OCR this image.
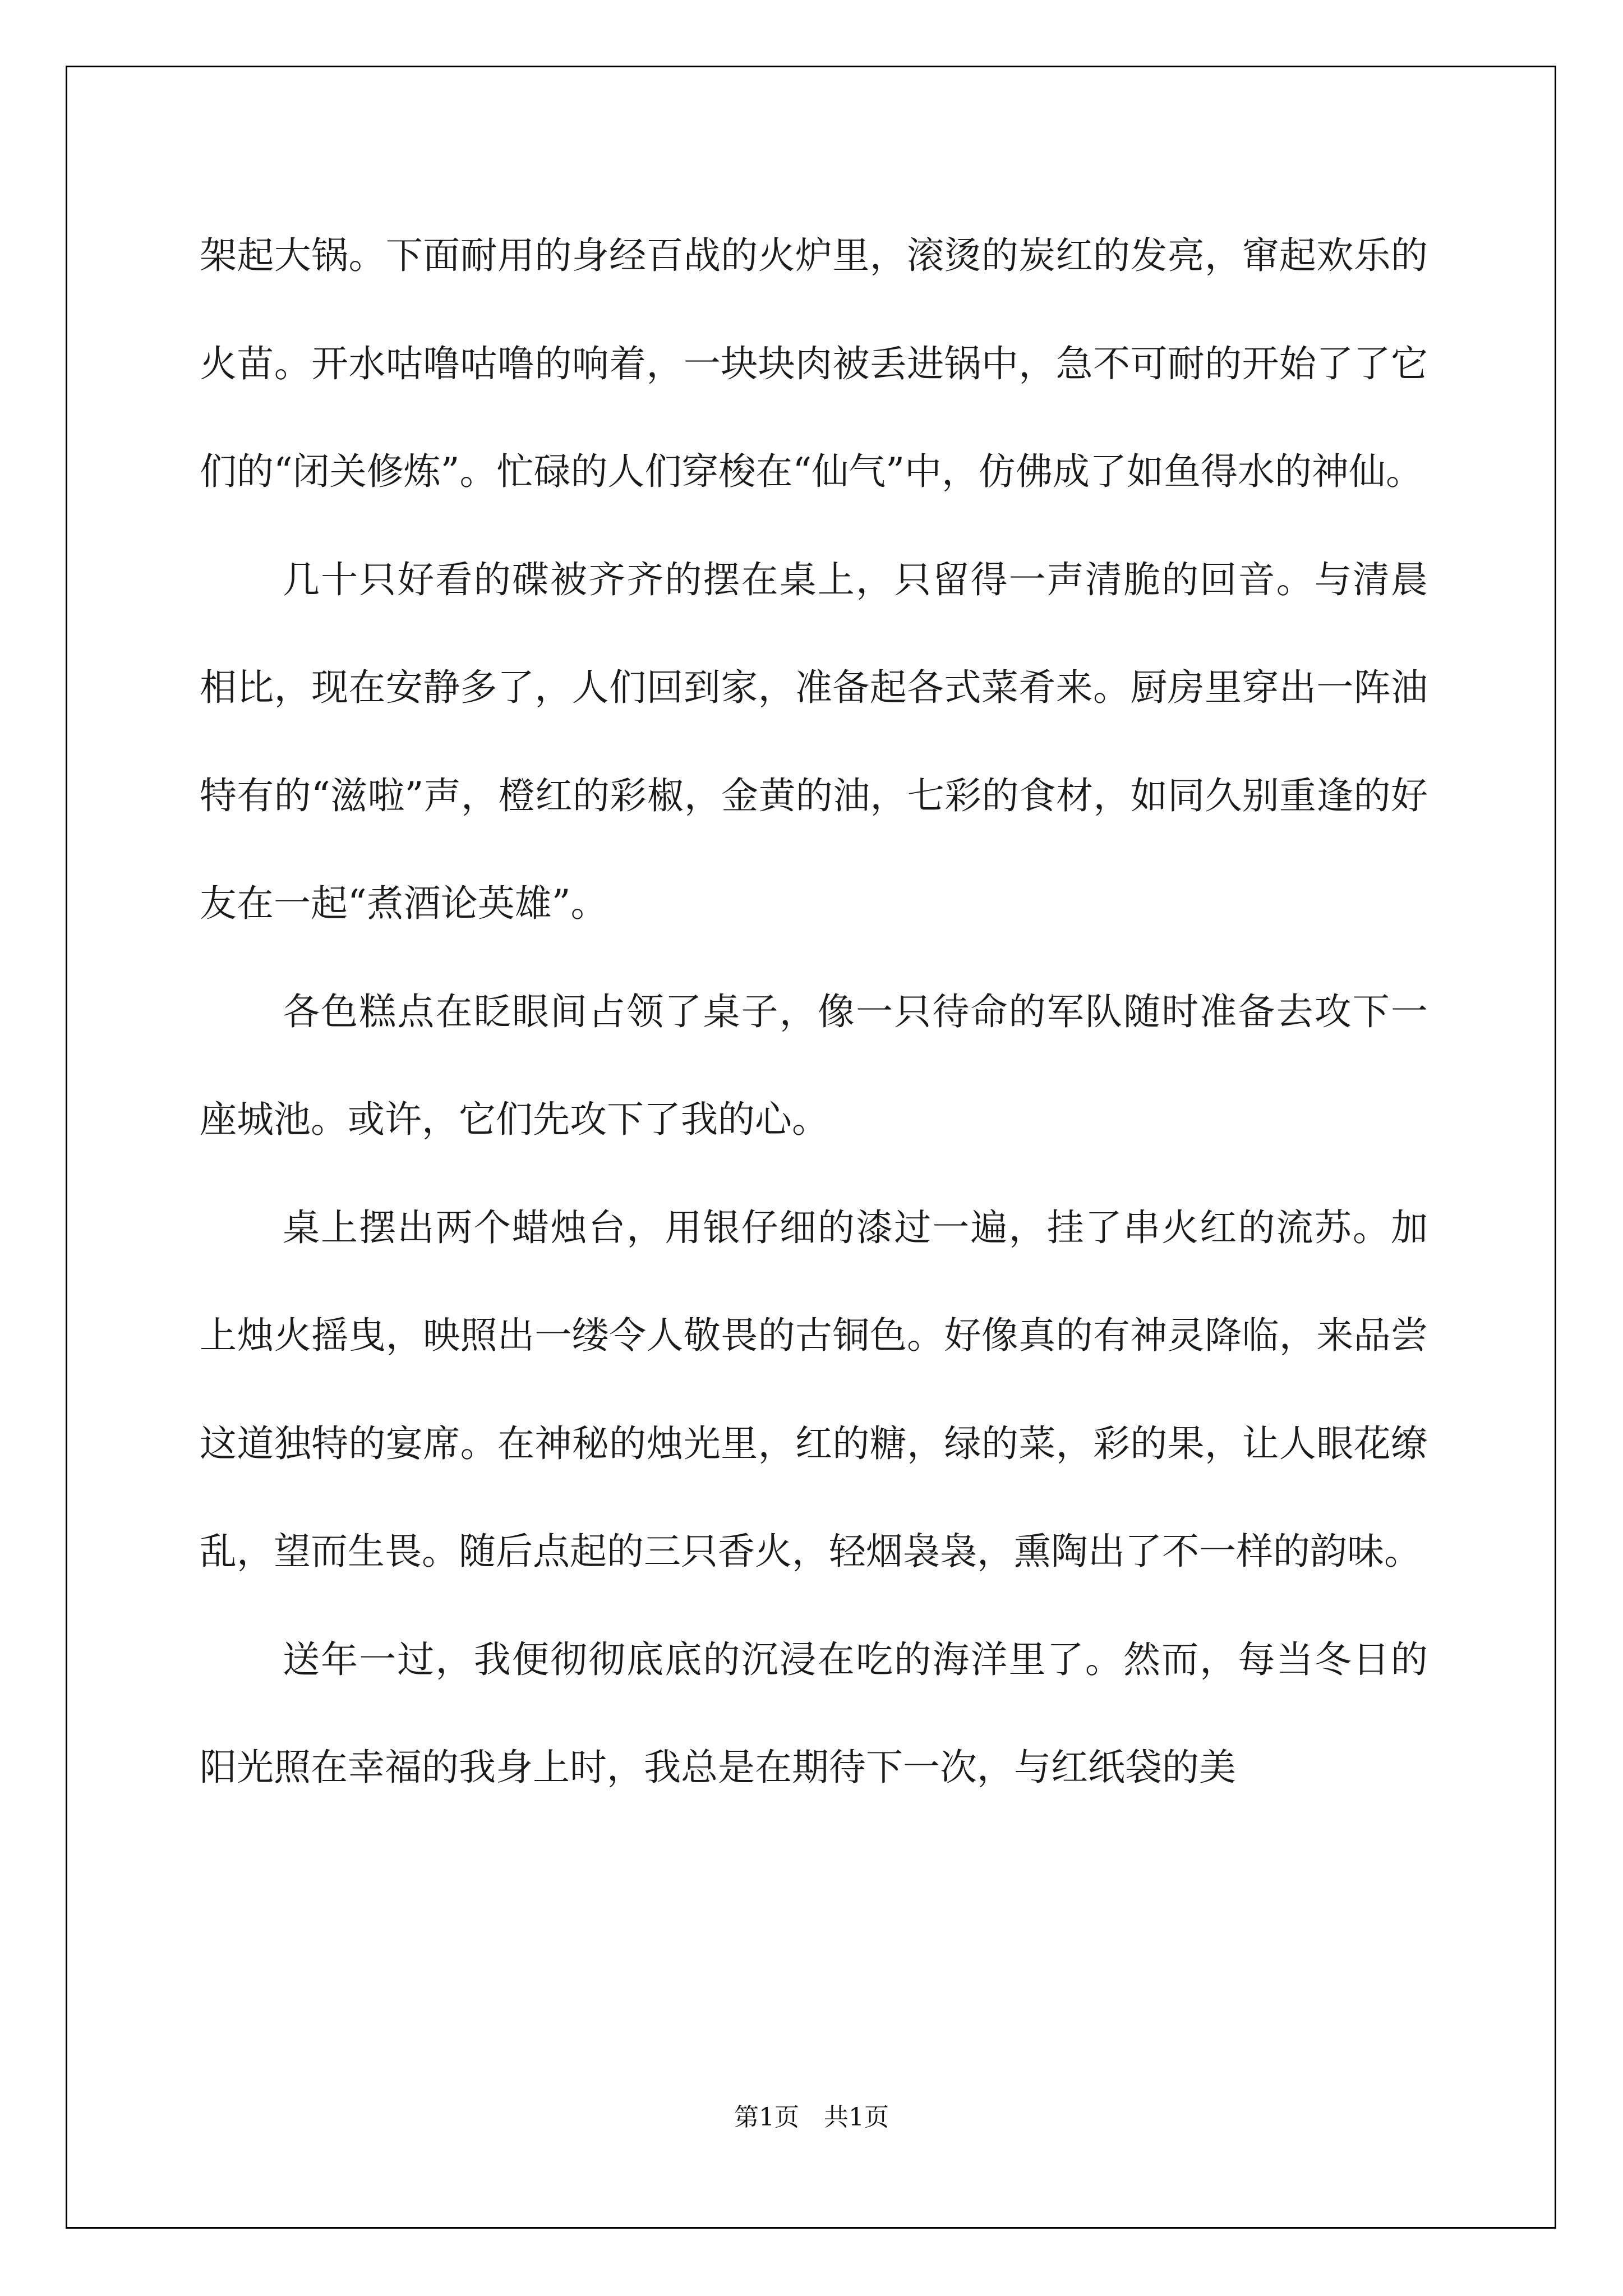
架起大锅。下面耐用的身经百战的火炉里，滚烫的炭红的发亮，窜起欢乐的火苗。开水咕噜咕噜的响着，一块块肉被丢进锅中，急不可耐的开始了了它们的“闭关修炼”。忙碌的人们穿梭在“仙气”中，仿佛成了如鱼得水的神仙。

几十只好看的碟被齐齐的摆在桌上，只留得一声清脆的回音。与清晨相比，现在安静多了，人们回到家，准备起各式菜肴来。厨房里穿出一阵油特有的“滋啦”声，橙红的彩椒，金黄的油，七彩的食材，如同久别重逢的好友在一起“煮酒论英雄”。

各色糕点在眨眼间占领了桌子，像一只待命的军队随时准备去攻下一座城池。或许，它们先攻下了我的心。

桌上摆出两个蜡烛台，用银仔细的漆过一遍，挂了串火红的流苏。加上烛火摇曳，映照出一缕令人敬畏的古铜色。好像真的有神灵降临，来品尝这道独特的宴席。在神秘的烛光里，红的糖，绿的菜，彩的果，让人眼花缭乱，望而生畏。随后点起的三只香火，轻烟袅袅，熏陶出了不一样的韵味。

送年一过，我便彻彻底底的沉浸在吃的海洋里了。然而，每当冬日的阳光照在幸福的我身上时，我总是在期待下一次，与红纸袋的美

第1页　共1页
